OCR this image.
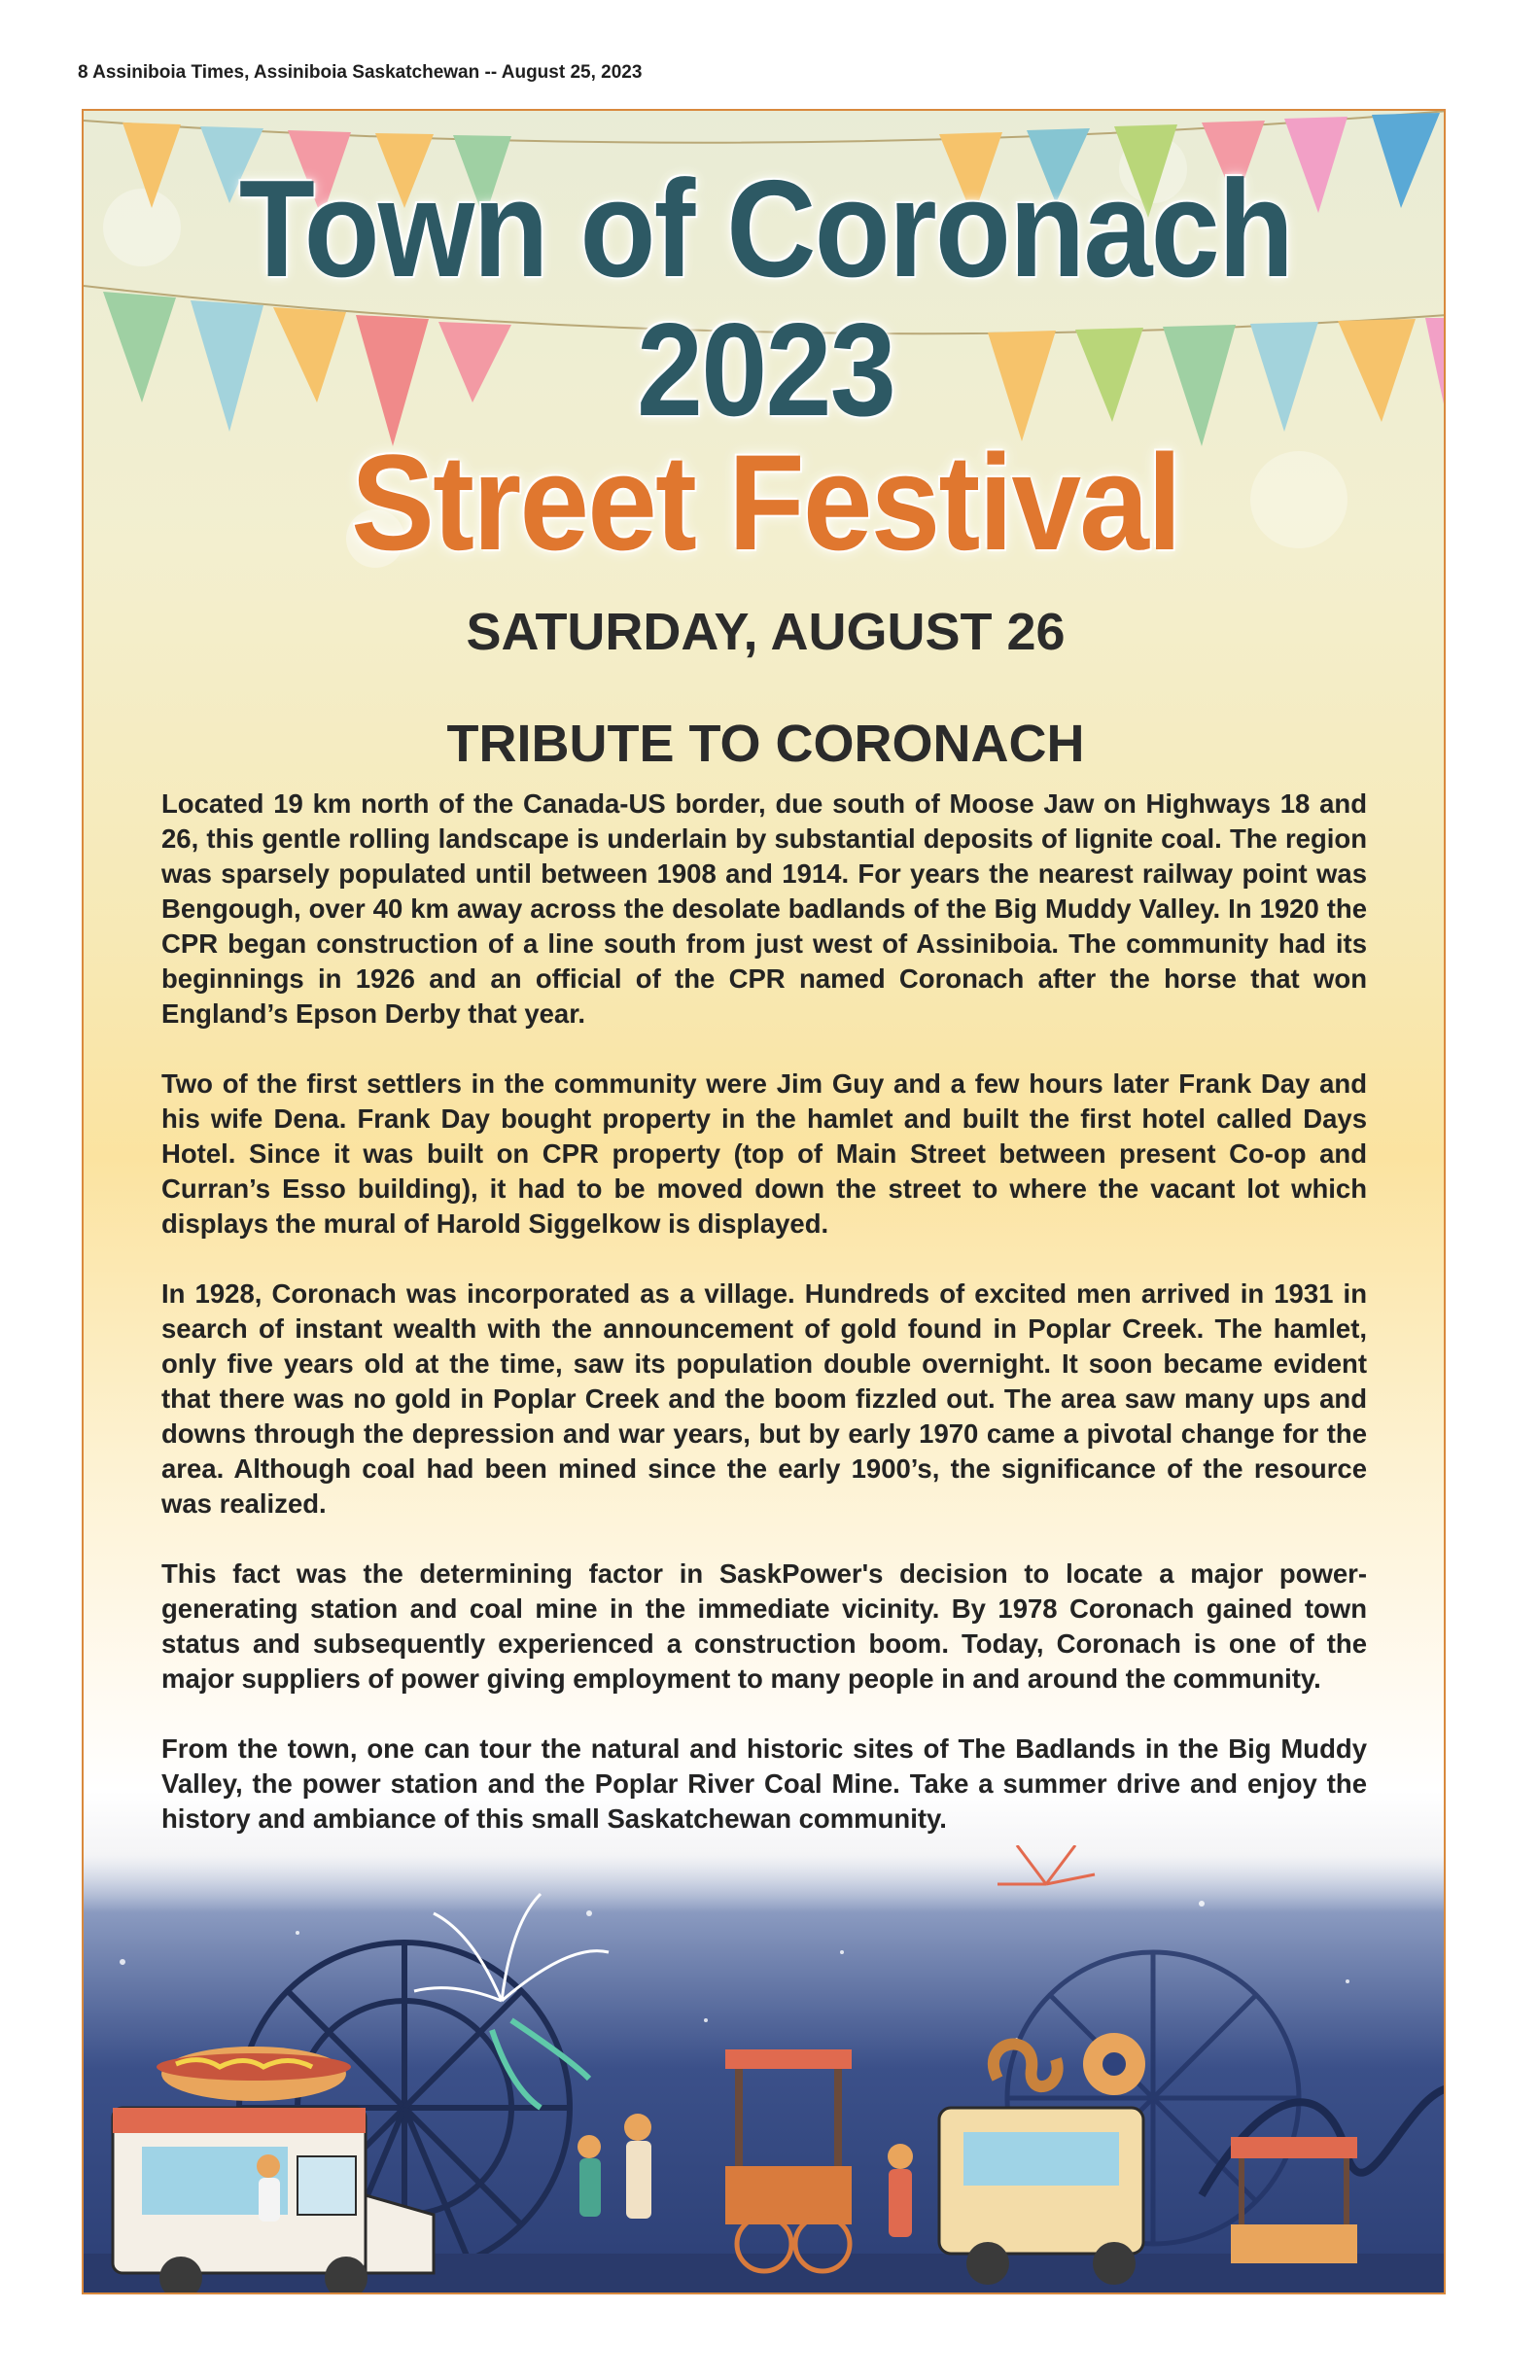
8 Assiniboia Times, Assiniboia Saskatchewan -- August 25, 2023
Town of Coronach
2023
Street Festival
SATURDAY, AUGUST 26
TRIBUTE TO CORONACH

Located 19 km north of the Canada-US border, due south of Moose Jaw on Highways 18 and 26, this gentle rolling landscape is underlain by substantial deposits of lignite coal. The region was sparsely populated until between 1908 and 1914. For years the nearest railway point was Bengough, over 40 km away across the desolate badlands of the Big Muddy Valley. In 1920 the CPR began construction of a line south from just west of Assiniboia. The community had its beginnings in 1926 and an official of the CPR named Coronach after the horse that won England’s Epson Derby that year.

Two of the first settlers in the community were Jim Guy and a few hours later Frank Day and his wife Dena. Frank Day bought property in the hamlet and built the first hotel called Days Hotel. Since it was built on CPR property (top of Main Street between present Co-op and Curran’s Esso building), it had to be moved down the street to where the vacant lot which displays the mural of Harold Siggelkow is displayed.

In 1928, Coronach was incorporated as a village. Hundreds of excited men arrived in 1931 in search of instant wealth with the announcement of gold found in Poplar Creek. The hamlet, only five years old at the time, saw its population double overnight. It soon became evident that there was no gold in Poplar Creek and the boom fizzled out. The area saw many ups and downs through the depression and war years, but by early 1970 came a pivotal change for the area. Although coal had been mined since the early 1900’s, the significance of the resource was realized.

This fact was the determining factor in SaskPower's decision to locate a major power-generating station and coal mine in the immediate vicinity. By 1978 Coronach gained town status and subsequently experienced a construction boom. Today, Coronach is one of the major suppliers of power giving employment to many people in and around the community.

From the town, one can tour the natural and historic sites of The Badlands in the Big Muddy Valley, the power station and the Poplar River Coal Mine. Take a summer drive and enjoy the history and ambiance of this small Saskatchewan community.
